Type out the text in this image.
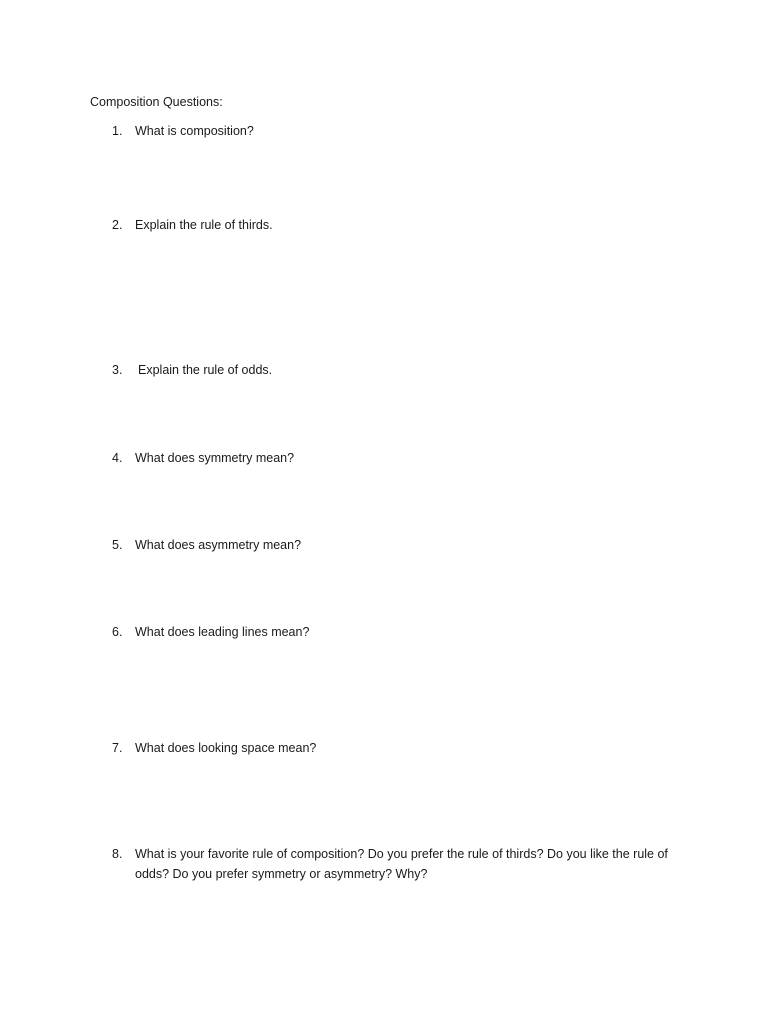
Composition Questions:
1.	What is composition?
2.	Explain the rule of thirds.
3.	Explain the rule of odds.
4.	What does symmetry mean?
5.	What does asymmetry mean?
6.	What does leading lines mean?
7.	What does looking space mean?
8.	What is your favorite rule of composition? Do you prefer the rule of thirds? Do you like the rule of odds? Do you prefer symmetry or asymmetry? Why?
